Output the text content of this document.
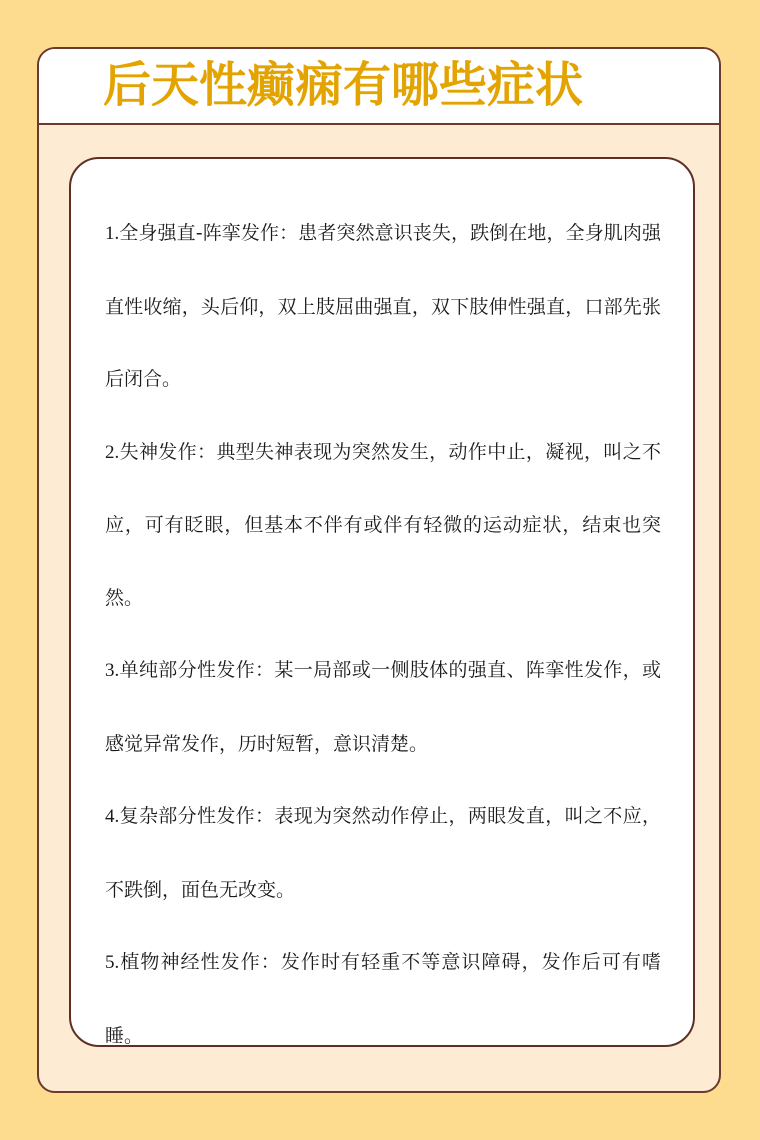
后天性癫痫有哪些症状

1.全身强直-阵挛发作：患者突然意识丧失，跌倒在地，全身肌肉强直性收缩，头后仰，双上肢屈曲强直，双下肢伸性强直，口部先张后闭合。

2.失神发作：典型失神表现为突然发生，动作中止，凝视，叫之不应，可有眨眼，但基本不伴有或伴有轻微的运动症状，结束也突然。

3.单纯部分性发作：某一局部或一侧肢体的强直、阵挛性发作，或感觉异常发作，历时短暂，意识清楚。

4.复杂部分性发作：表现为突然动作停止，两眼发直，叫之不应，不跌倒，面色无改变。

5.植物神经性发作：发作时有轻重不等意识障碍，发作后可有嗜睡。
